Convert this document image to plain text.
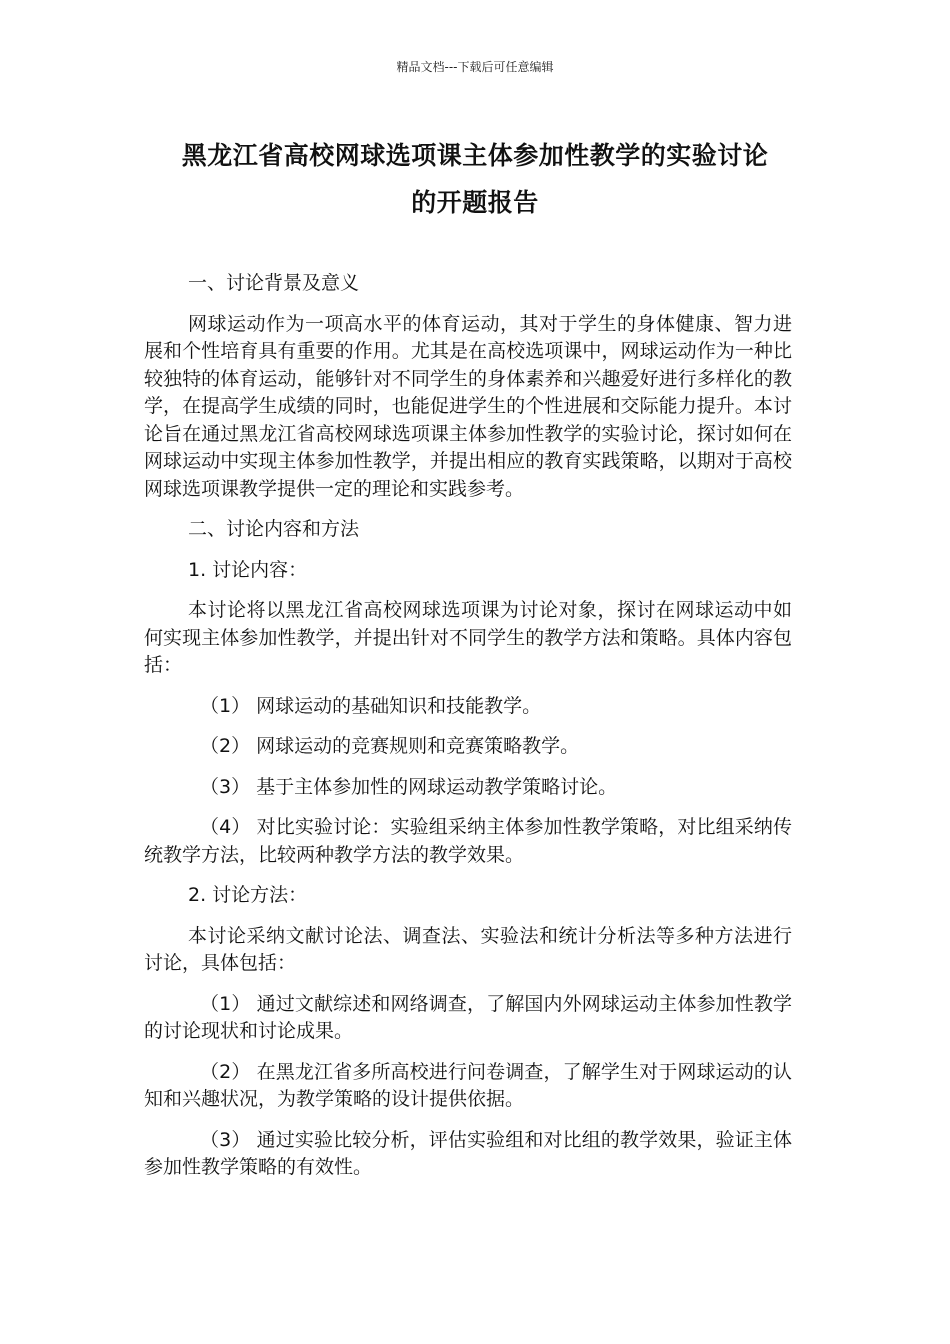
精品文档---下载后可任意编辑
黑龙江省高校网球选项课主体参加性教学的实验讨论
的开题报告

一、讨论背景及意义

网球运动作为一项高水平的体育运动，其对于学生的身体健康、智力进展和个性培育具有重要的作用。尤其是在高校选项课中，网球运动作为一种比较独特的体育运动，能够针对不同学生的身体素养和兴趣爱好进行多样化的教学，在提高学生成绩的同时，也能促进学生的个性进展和交际能力提升。本讨论旨在通过黑龙江省高校网球选项课主体参加性教学的实验讨论，探讨如何在网球运动中实现主体参加性教学，并提出相应的教育实践策略，以期对于高校网球选项课教学提供一定的理论和实践参考。

二、讨论内容和方法

1. 讨论内容：

本讨论将以黑龙江省高校网球选项课为讨论对象，探讨在网球运动中如何实现主体参加性教学，并提出针对不同学生的教学方法和策略。具体内容包括：

（1） 网球运动的基础知识和技能教学。

（2） 网球运动的竞赛规则和竞赛策略教学。

（3） 基于主体参加性的网球运动教学策略讨论。

（4） 对比实验讨论：实验组采纳主体参加性教学策略，对比组采纳传统教学方法，比较两种教学方法的教学效果。

2. 讨论方法：

本讨论采纳文献讨论法、调查法、实验法和统计分析法等多种方法进行讨论，具体包括：

（1） 通过文献综述和网络调查，了解国内外网球运动主体参加性教学的讨论现状和讨论成果。

（2） 在黑龙江省多所高校进行问卷调查，了解学生对于网球运动的认知和兴趣状况，为教学策略的设计提供依据。

（3） 通过实验比较分析，评估实验组和对比组的教学效果，验证主体参加性教学策略的有效性。
